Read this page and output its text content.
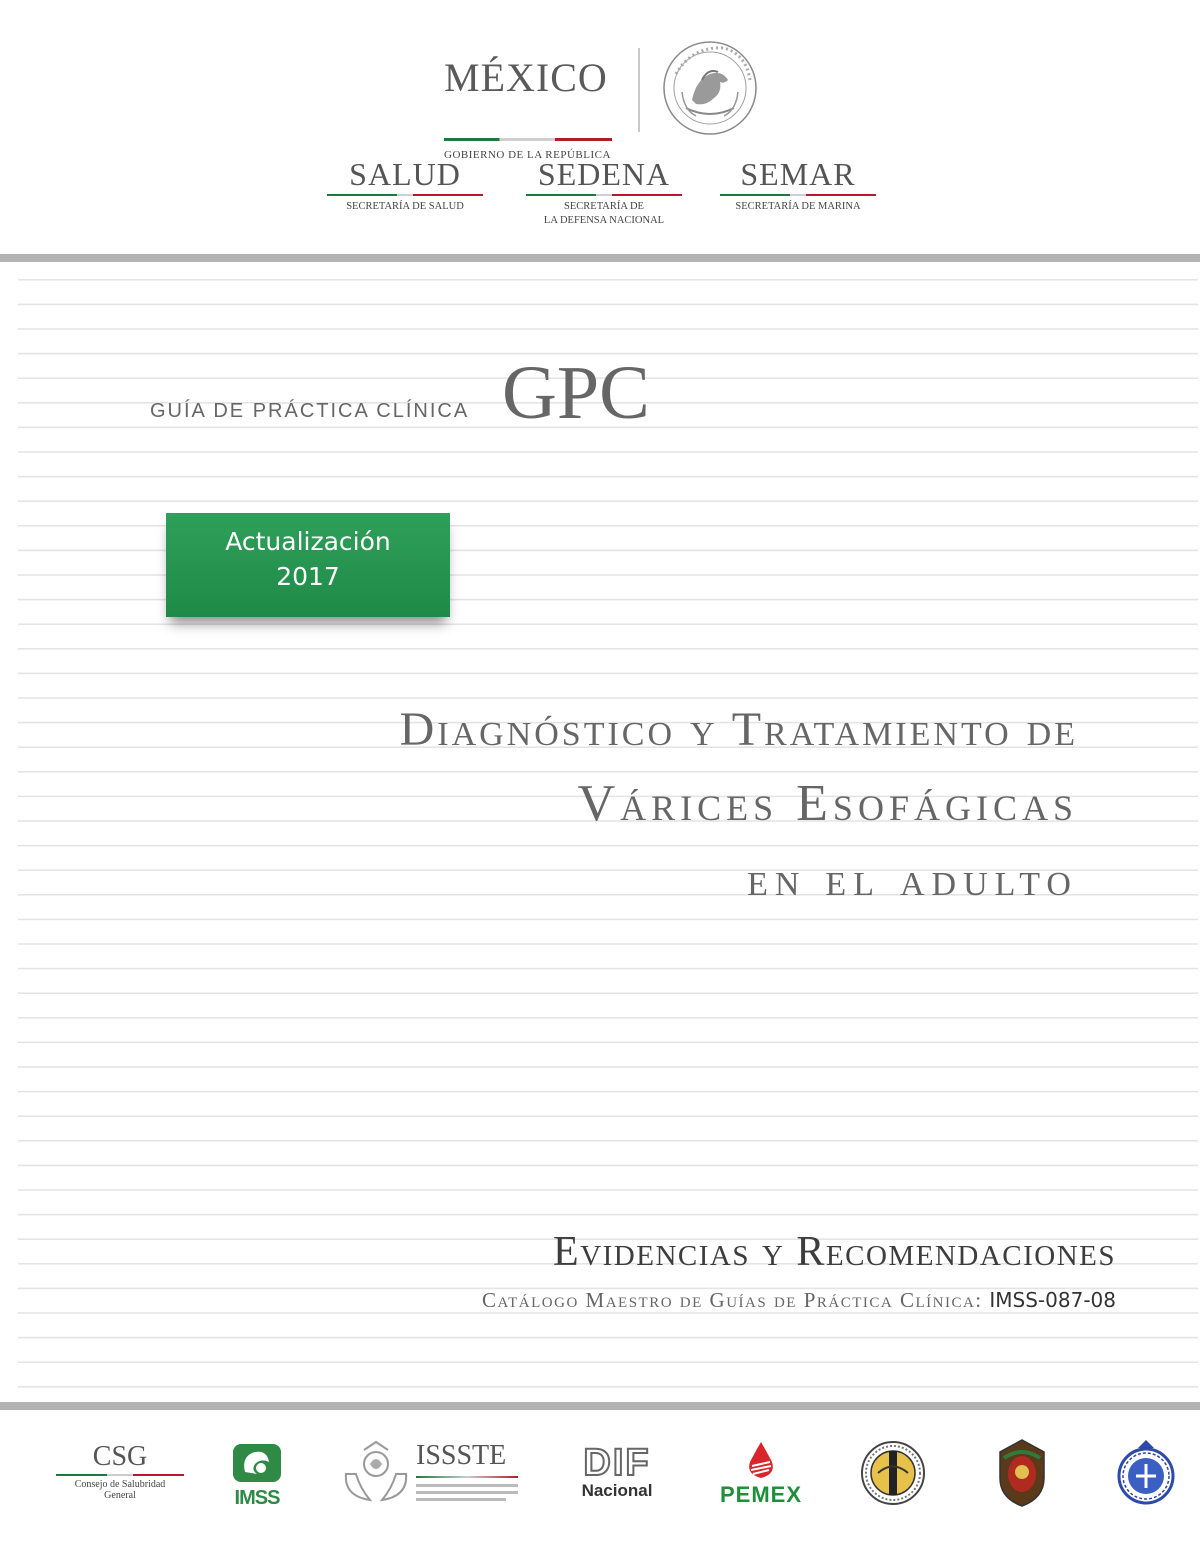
MÉXICO
GOBIERNO DE LA REPÚBLICA
SALUD
SECRETARÍA DE SALUD
SEDENA
SECRETARÍA DE
LA DEFENSA NACIONAL
SEMAR
SECRETARÍA DE MARINA
GUÍA DE PRÁCTICA CLÍNICA GPC
Actualización
2017
Diagnóstico y Tratamiento de
Várices Esofágicas
en el adulto
Evidencias y Recomendaciones
Catálogo Maestro de Guías de Práctica Clínica: IMSS-087-08
CSG
Consejo de Salubridad
General	IMSS
ISSSTE DIF
Nacional	PEMEX
